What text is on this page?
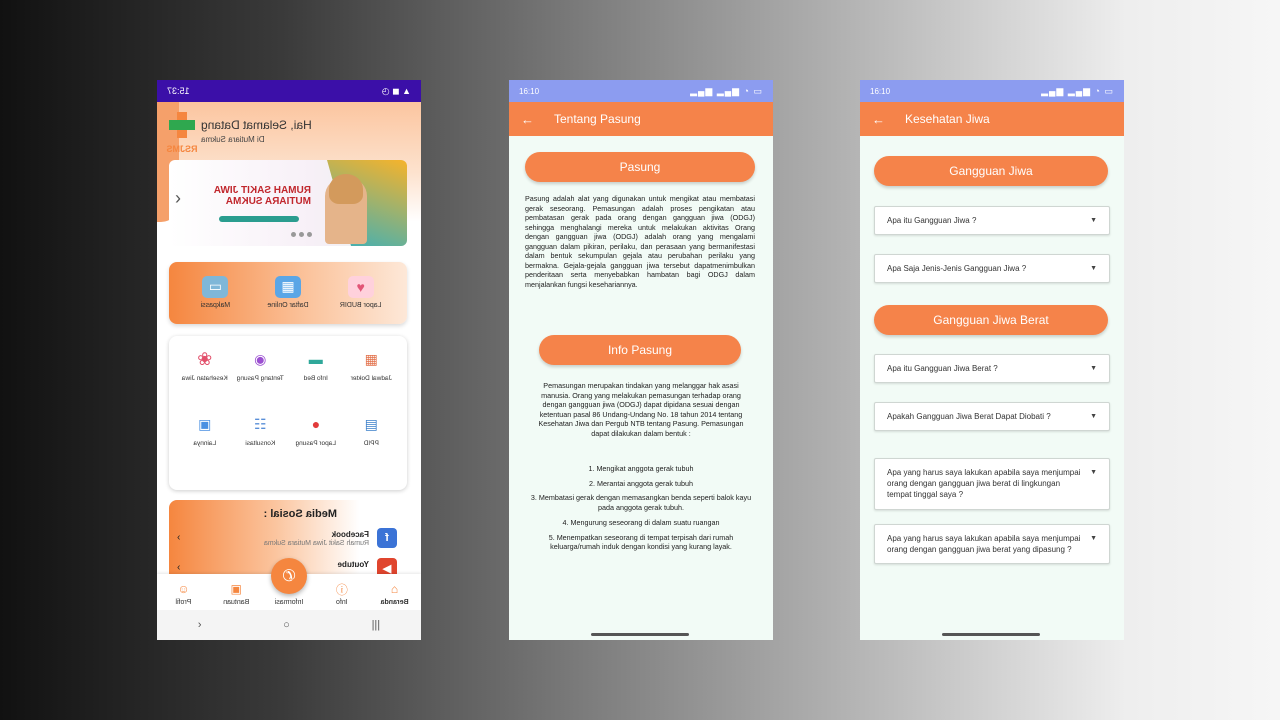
▲ ◼ ◷
15:37
RSJMS
Hai, Selamat Datang
Di Mutiara Sukma
RUMAH SAKIT JIWA MUTIARA SUKMA
‹
♥
Lapor BUDIR
▦
Daftar Online
▭
Makpassi
▦
Jadwal Dokter
▬
Info Bed
◉
Tentang Pasung
❀
Kesehatan Jiwa
▤
PPID
●
Lapor Pasung
☷
Konsultasi
▣
Lainnya
Media Sosial :
f
Facebook
Rumah Sakit Jiwa Mutiara Sukma
›
▶
Youtube
›
⌂
Beranda
ⓘ
Info
Informasi
▣
Bantuan
☺
Profil
✆
|||
○
‹
16:10	▂▄▆ ▂▄▆ ◔ ▭
← Tentang Pasung
Pasung
Pasung adalah alat yang digunakan untuk mengikat atau membatasi gerak seseorang. Pemasungan adalah proses pengikatan atau pembatasan gerak pada orang dengan gangguan jiwa (ODGJ) sehingga menghalangi mereka untuk melakukan aktivitas Orang dengan gangguan jiwa (ODGJ) adalah orang yang mengalami gangguan dalam pikiran, perilaku, dan perasaan yang bermanifestasi dalam bentuk sekumpulan gejala atau perubahan perilaku yang bermakna. Gejala-gejala gangguan jiwa tersebut dapatmenimbulkan penderitaan serta menyebabkan hambatan bagi ODGJ dalam menjalankan fungsi kesehariannya.
Info Pasung
Pemasungan merupakan tindakan yang melanggar hak asasi manusia. Orang yang melakukan pemasungan terhadap orang dengan gangguan jiwa (ODGJ) dapat dipidana sesuai dengan ketentuan pasal 86 Undang-Undang No. 18 tahun 2014 tentang Kesehatan Jiwa dan Pergub NTB tentang Pasung. Pemasungan dapat dilakukan dalam bentuk :
1. Mengikat anggota gerak tubuh
2. Merantai anggota gerak tubuh
3. Membatasi gerak dengan memasangkan benda seperti balok kayu pada anggota gerak tubuh.
4. Mengurung seseorang di dalam suatu ruangan
5. Menempatkan seseorang di tempat terpisah dari rumah keluarga/rumah induk dengan kondisi yang kurang layak.
16:10	▂▄▆ ▂▄▆ ◔ ▭
← Kesehatan Jiwa
Gangguan Jiwa
Apa itu Gangguan Jiwa ?	▼
Apa Saja Jenis-Jenis Gangguan Jiwa ?	▼
Gangguan Jiwa Berat
Apa itu Gangguan Jiwa Berat ?	▼
Apakah Gangguan Jiwa Berat Dapat Diobati ?	▼
Apa yang harus saya lakukan apabila saya menjumpai orang dengan gangguan jiwa berat di lingkungan tempat tinggal saya ?
▼
Apa yang harus saya lakukan apabila saya menjumpai orang dengan gangguan jiwa berat yang dipasung ?
▼
